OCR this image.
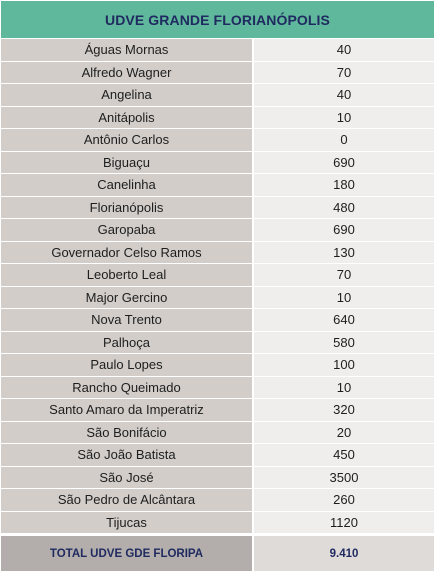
UDVE GRANDE FLORIANÓPOLIS
Águas Mornas	40
Alfredo Wagner	70
Angelina	40
Anitápolis	10
Antônio Carlos	0
Biguaçu	690
Canelinha	180
Florianópolis	480
Garopaba	690
Governador Celso Ramos	130
Leoberto Leal	70
Major Gercino	10
Nova Trento	640
Palhoça	580
Paulo Lopes	100
Rancho Queimado	10
Santo Amaro da Imperatriz	320
São Bonifácio	20
São João Batista	450
São José	3500
São Pedro de Alcântara	260
Tijucas	1120
TOTAL UDVE GDE FLORIPA	9.410
